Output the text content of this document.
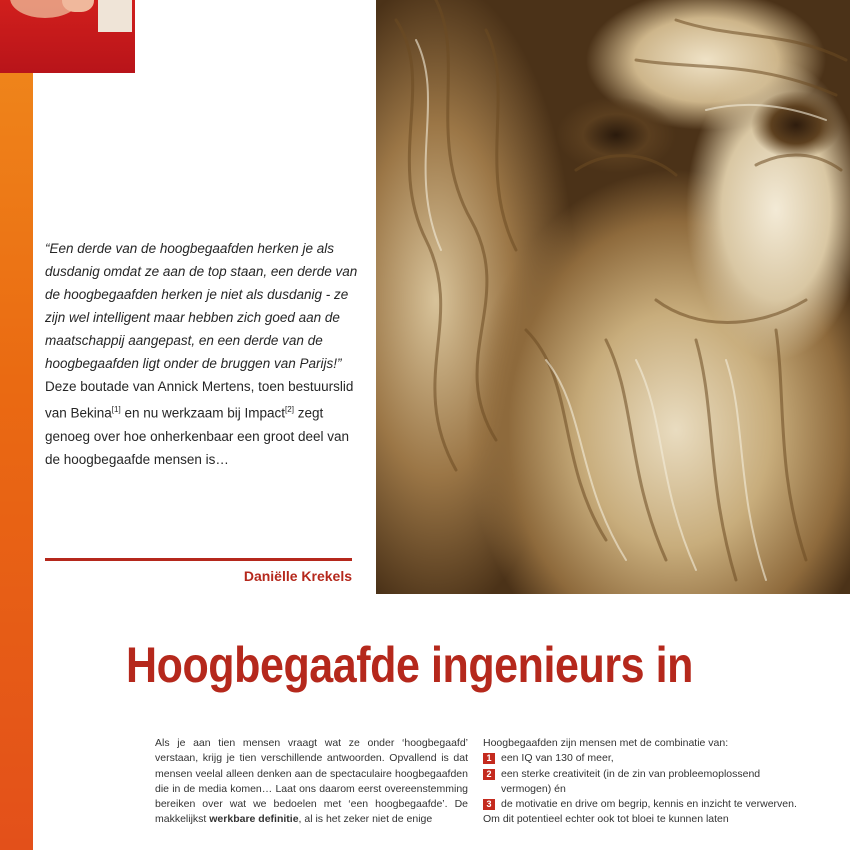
“Een derde van de hoogbegaafden herken je als dusdanig omdat ze aan de top staan, een derde van de hoogbegaafden herken je niet als dusdanig - ze zijn wel intelligent maar hebben zich goed aan de maatschappij aangepast, en een derde van de hoogbegaafden ligt onder de bruggen van Parijs!”
Deze boutade van Annick Mertens, toen bestuurslid van Bekina[1] en nu werkzaam bij Impact[2] zegt genoeg over hoe onherkenbaar een groot deel van de hoogbegaafde mensen is…

Daniëlle Krekels
Hoogbegaafde ingenieurs in

Als je aan tien mensen vraagt wat ze onder ‘hoogbegaafd’ verstaan, krijg je tien verschillende antwoorden. Opvallend is dat mensen veelal alleen denken aan de spectaculaire hoogbegaafden die in de media komen… Laat ons daarom eerst overeenstemming bereiken over wat we bedoelen met ‘een hoogbegaafde’. De makkelijkst werkbare definitie, al is het zeker niet de enige

Hoogbegaafden zijn mensen met de combinatie van:

1 een IQ van 130 of meer,
2 een sterke creativiteit (in de zin van probleemoplossend vermogen) én
3 de motivatie en drive om begrip, kennis en inzicht te verwerven.

Om dit potentieel echter ook tot bloei te kunnen laten
